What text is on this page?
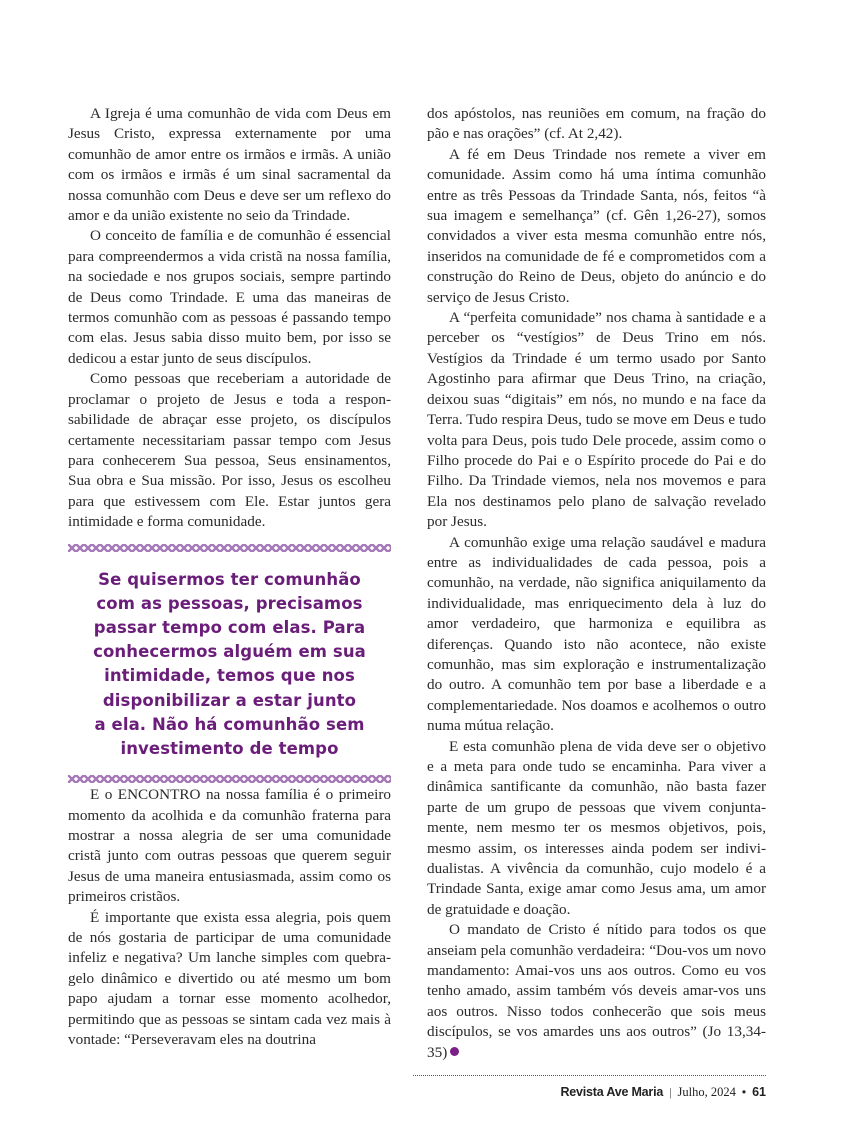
A Igreja é uma comunhão de vida com Deus em Jesus Cristo, expressa externamente por uma comunhão de amor entre os irmãos e irmãs. A união com os irmãos e irmãs é um sinal sacramental da nossa comunhão com Deus e deve ser um reflexo do amor e da união existente no seio da Trindade.

O conceito de família e de comunhão é essencial para compreendermos a vida cristã na nossa família, na sociedade e nos grupos sociais, sempre partindo de Deus como Trindade. E uma das maneiras de termos comunhão com as pessoas é passando tempo com elas. Jesus sabia disso muito bem, por isso se dedicou a estar junto de seus discípulos.

Como pessoas que receberiam a autoridade de proclamar o projeto de Jesus e toda a responsabilidade de abraçar esse projeto, os discípulos certamente necessitariam passar tempo com Jesus para conhecerem Sua pessoa, Seus ensinamentos, Sua obra e Sua missão. Por isso, Jesus os escolheu para que estivessem com Ele. Estar juntos gera intimidade e forma comunidade.

Se quisermos ter comunhão
com as pessoas, precisamos
passar tempo com elas. Para
conhecermos alguém em sua
intimidade, temos que nos
disponibilizar a estar junto
a ela. Não há comunhão sem
investimento de tempo

E o ENCONTRO na nossa família é o primeiro momento da acolhida e da comunhão fraterna para mostrar a nossa alegria de ser uma comunidade cristã junto com outras pessoas que querem seguir Jesus de uma maneira entusiasmada, assim como os primeiros cristãos.

É importante que exista essa alegria, pois quem de nós gostaria de participar de uma comunidade infeliz e negativa? Um lanche simples com quebra-gelo dinâmico e divertido ou até mesmo um bom papo ajudam a tornar esse momento acolhedor, permitindo que as pessoas se sintam cada vez mais à vontade: “Perseveravam eles na doutrina

dos apóstolos, nas reuniões em comum, na fração do pão e nas orações” (cf. At 2,42).

A fé em Deus Trindade nos remete a viver em comunidade. Assim como há uma íntima comunhão entre as três Pessoas da Trindade Santa, nós, feitos “à sua imagem e semelhança” (cf. Gên 1,26-27), somos convidados a viver esta mesma comunhão entre nós, inseridos na comunidade de fé e comprometidos com a construção do Reino de Deus, objeto do anúncio e do serviço de Jesus Cristo.

A “perfeita comunidade” nos chama à santidade e a perceber os “vestígios” de Deus Trino em nós. Vestígios da Trindade é um termo usado por Santo Agostinho para afirmar que Deus Trino, na criação, deixou suas “digitais” em nós, no mundo e na face da Terra. Tudo respira Deus, tudo se move em Deus e tudo volta para Deus, pois tudo Dele procede, assim como o Filho procede do Pai e o Espírito procede do Pai e do Filho. Da Trindade viemos, nela nos movemos e para Ela nos destinamos pelo plano de salvação revelado por Jesus.

A comunhão exige uma relação saudável e madura entre as individualidades de cada pessoa, pois a comunhão, na verdade, não significa aniquilamento da individualidade, mas enriquecimento dela à luz do amor verdadeiro, que harmoniza e equilibra as diferenças. Quando isto não acontece, não existe comunhão, mas sim exploração e instrumentalização do outro. A comunhão tem por base a liberdade e a complementariedade. Nos doamos e acolhemos o outro numa mútua relação.

E esta comunhão plena de vida deve ser o objetivo e a meta para onde tudo se encaminha. Para viver a dinâmica santificante da comunhão, não basta fazer parte de um grupo de pessoas que vivem conjuntamente, nem mesmo ter os mesmos objetivos, pois, mesmo assim, os interesses ainda podem ser individualistas. A vivência da comunhão, cujo modelo é a Trindade Santa, exige amar como Jesus ama, um amor de gratuidade e doação.

O mandato de Cristo é nítido para todos os que anseiam pela comunhão verdadeira: “Dou-vos um novo mandamento: Amai-vos uns aos outros. Como eu vos tenho amado, assim também vós deveis amar-vos uns aos outros. Nisso todos conhecerão que sois meus discípulos, se vos amardes uns aos outros” (Jo 13,34-35)

Revista Ave Maria | Julho, 2024 • 61
